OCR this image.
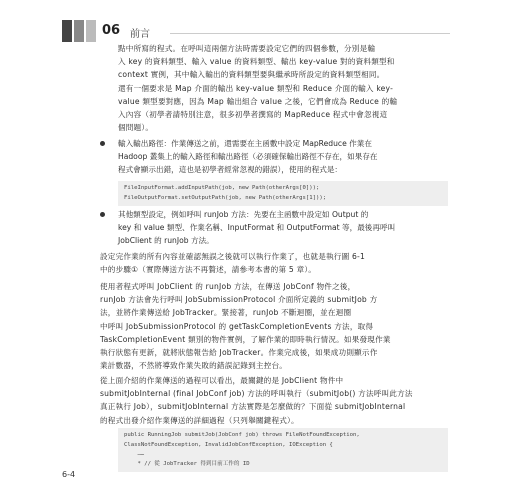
06 前言

點中所寫的程式。在呼叫這兩個方法時需要設定它們的四個參數，分別是輸

入 key 的資料類型、輸入 value 的資料類型、輸出 key-value 對的資料類型和

context 實例，其中輸入輸出的資料類型要與繼承時所設定的資料類型相同。

還有一個要求是 Map 介面的輸出 key-value 類型和 Reduce 介面的輸入 key-

value 類型要對應，因為 Map 輸出組合 value 之後，它們會成為 Reduce 的輸

入內容（初學者請特別注意，很多初學者撰寫的 MapReduce 程式中會忽視這

個問題）。

輸入輸出路徑：作業傳送之前，還需要在主函數中設定 MapReduce 作業在

Hadoop 叢集上的輸入路徑和輸出路徑（必須確保輸出路徑不存在，如果存在

程式會顯示出錯，這也是初學者經常忽視的錯誤），使用的程式是：

FileInputFormat.addInputPath(job, new Path(otherArgs[0]));
FileOutputFormat.setOutputPath(job, new Path(otherArgs[1]));

其他類型設定，例如呼叫 runJob 方法：先要在主函數中設定如 Output 的

key 和 value 類型、作業名稱、InputFormat 和 OutputFormat 等，最後再呼叫

JobClient 的 runJob 方法。

設定完作業的所有內容並確認無誤之後就可以執行作業了，也就是執行圖 6-1

中的步驟①（實際傳送方法不再贅述，請參考本書的第 5 章）。

使用者程式呼叫 JobClient 的 runJob 方法，在傳送 JobConf 物件之後，

runJob 方法會先行呼叫 JobSubmissionProtocol 介面所定義的 submitJob 方

法，並將作業傳送給 JobTracker。緊接著，runJob 不斷迴圈，並在迴圈

中呼叫 JobSubmissionProtocol 的 getTaskCompletionEvents 方法，取得

TaskCompletionEvent 類別的物件實例，了解作業的即時執行情況。如果發現作業

執行狀態有更新，就將狀態報告給 JobTracker。作業完成後，如果成功則顯示作

業計數器，不然將導致作業失敗的錯誤記錄到主控台。

從上面介紹的作業傳送的過程可以看出，最關鍵的是 JobClient 物件中

submitJobInternal (final JobConf job) 方法的呼叫執行（submitJob() 方法呼叫此方法

真正執行 Job），submitJobInternal 方法實際是怎麼做的？下面從 submitJobInternal

的程式出發介紹作業傳送的詳細過程（只列舉關鍵程式）。

public RunningJob submitJob(JobConf job) throws FileNotFoundException,
ClassNotFoundException, InvalidJobConfException, IOException {
……
* // 從 JobTracker 得到目前工作的 ID
6-4
